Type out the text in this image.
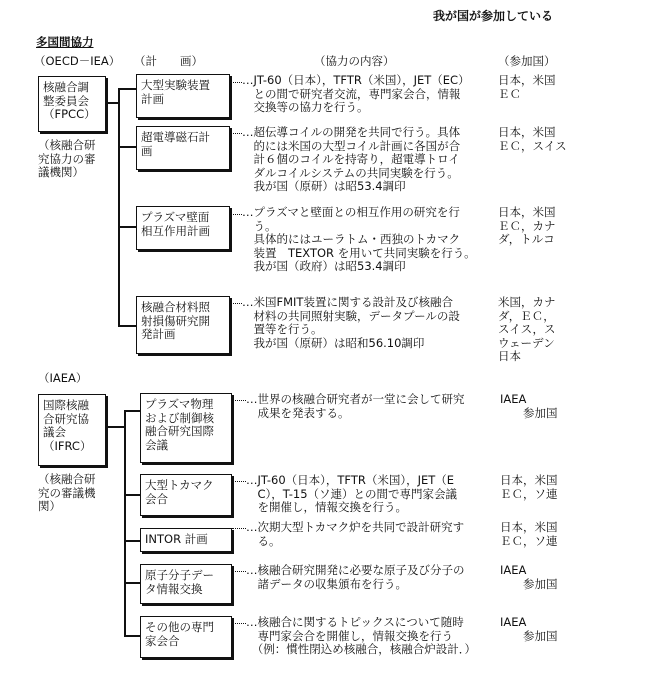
我が国が参加している
多国間協力
（OECD－IEA） （計　　画）	（協力の内容）	（参加国）
核融合調
整委員会
（FPCC）
（核融合研
究協力の審
議機関）
大型実験装置
計画
…JT-60（日本），TFTR（米国），JET（EC）
　との間で研究者交流，専門家会合，情報
　交換等の協力を行う。
日本，米国
ＥＣ
超電導磁石計
画
…超伝導コイルの開発を共同で行う。具体
　的には米国の大型コイル計画に各国が合
　計６個のコイルを持寄り，超電導トロイ
　ダルコイルシステムの共同実験を行う。
　我が国（原研）は昭53.4調印
日本，米国
ＥＣ，スイス
プラズマ壁面
相互作用計画
…プラズマと壁面との相互作用の研究を行
　う。
　具体的にはユーラトム・西独のトカマク
　装置　TEXTOR を用いて共同実験を行う。
　我が国（政府）は昭53.4調印
日本，米国
ＥＣ，カナ
ダ，トルコ
核融合材料照
射損傷研究開
発計画
…米国FMIT装置に関する設計及び核融合
　材料の共同照射実験，データプールの設
　置等を行う。
　我が国（原研）は昭和56.10調印
米国，カナ
ダ，ＥＣ，
スイス，ス
ウェーデン
日本
（IAEA）
国際核融
合研究協
議会
（IFRC）
（核融合研
究の審議機
関）
プラズマ物理
および制御核
融合研究国際
会議
…世界の核融合研究者が一堂に会して研究
　成果を発表する。
IAEA
　　参加国
大型トカマク
会合
…JT-60（日本），TFTR（米国），JET（E
　C），T-15（ソ連）との間で専門家会議
　を開催し，情報交換を行う。
日本，米国
ＥＣ，ソ連
INTOR 計画
…次期大型トカマク炉を共同で設計研究す
　る。
日本，米国
ＥＣ，ソ連
原子分子デー
タ情報交換
…核融合研究開発に必要な原子及び分子の
　諸データの収集頒布を行う。
IAEA
　　参加国
その他の専門
家会合
…核融合に関するトピックスについて随時
　専門家会合を開催し，情報交換を行う
　（例：慣性閉込め核融合，核融合炉設計．）
IAEA
　　参加国
